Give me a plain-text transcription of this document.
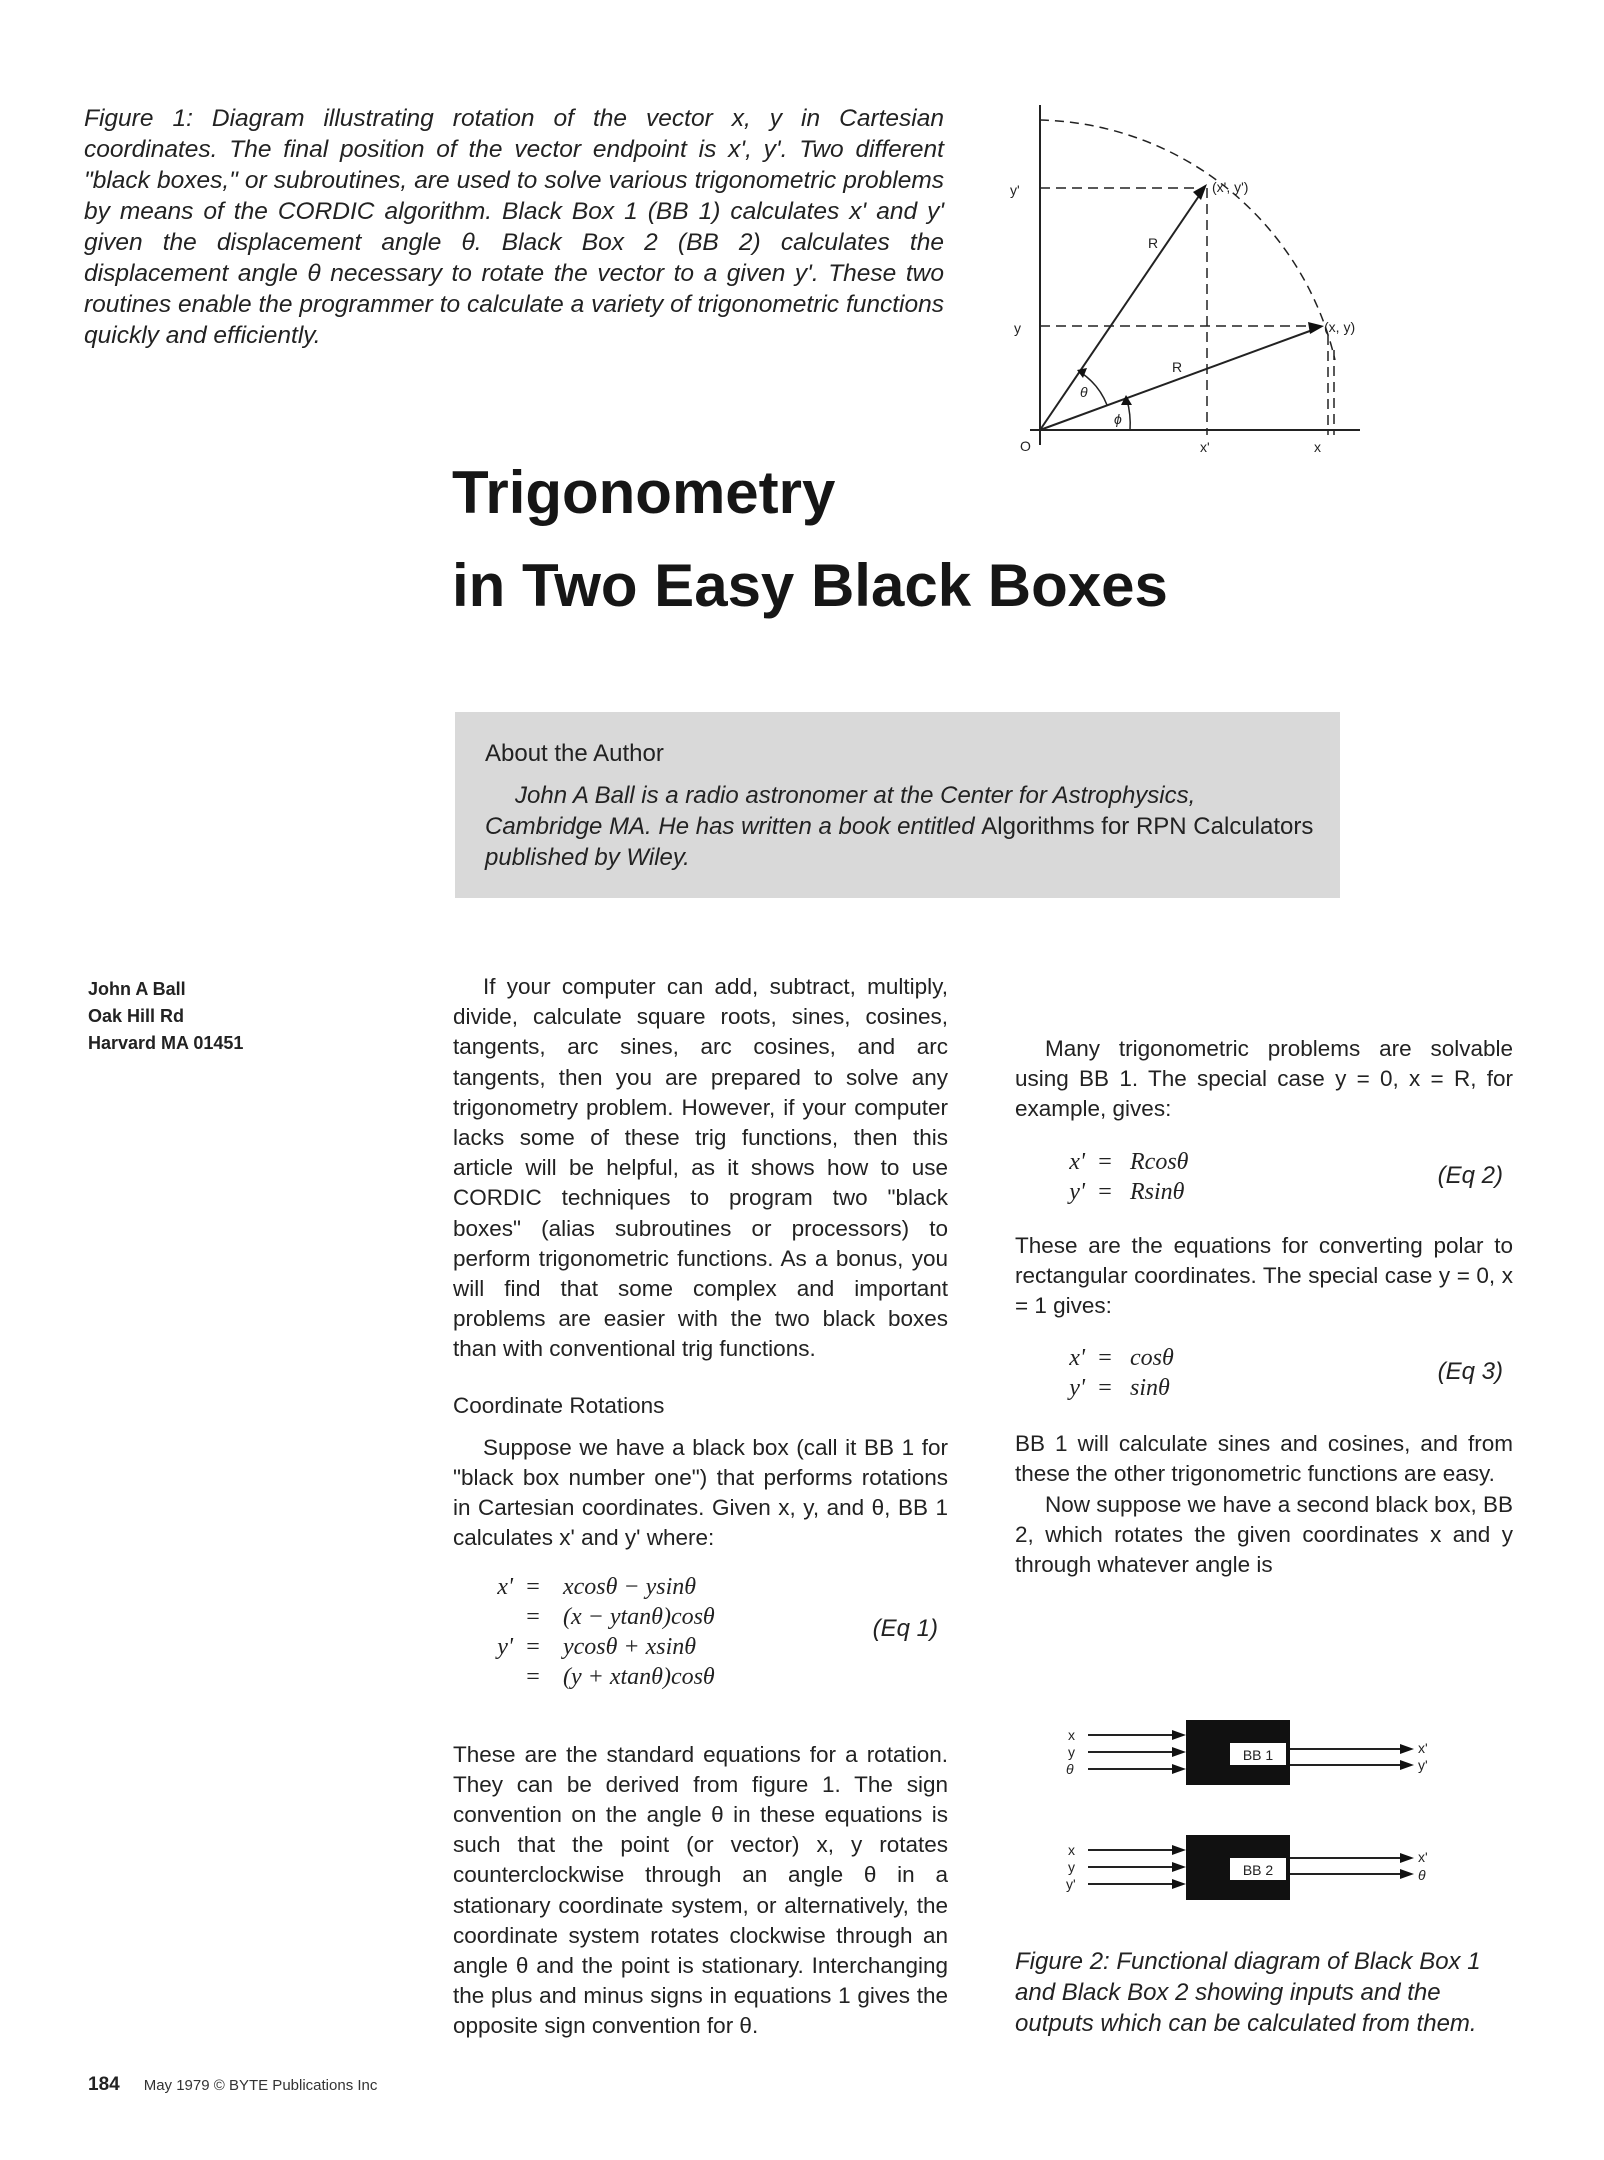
Figure 1: Diagram illustrating rotation of the vector x, y in Cartesian coordinates. The final position of the vector endpoint is x', y'. Two different "black boxes," or subroutines, are used to solve various trigonometric problems by means of the CORDIC algorithm. Black Box 1 (BB 1) calculates x' and y' given the displacement angle θ. Black Box 2 (BB 2) calculates the displacement angle θ necessary to rotate the vector to a given y'. These two routines enable the programmer to calculate a variety of trigonometric functions quickly and efficiently.
y'
y
O	x'	x
(x', y')
(x, y)
R
R
θ
ϕ
Trigonometry
in Two Easy Black Boxes
About the Author
John A Ball is a radio astronomer at the Center for Astrophysics, Cambridge MA. He has written a book entitled Algorithms for RPN Calculators published by Wiley.
John A Ball
Oak Hill Rd
Harvard MA 01451

If your computer can add, subtract, multiply, divide, calculate square roots, sines, cosines, tangents, arc sines, arc cosines, and arc tangents, then you are prepared to solve any trigonometry problem. However, if your computer lacks some of these trig functions, then this article will be helpful, as it shows how to use CORDIC techniques to program two "black boxes" (alias subroutines or processors) to perform trigonometric functions. As a bonus, you will find that some complex and important problems are easier with the two black boxes than with conventional trig functions.

Coordinate Rotations

Suppose we have a black box (call it BB 1 for "black box number one") that performs rotations in Cartesian coordinates. Given x, y, and θ, BB 1 calculates x' and y' where:

x' = xcosθ − ysinθ
= (x − ytanθ)cosθ
y' = ycosθ + xsinθ
= (y + xtanθ)cosθ
(Eq 1)

These are the standard equations for a rotation. They can be derived from figure 1. The sign convention on the angle θ in these equations is such that the point (or vector) x, y rotates counterclockwise through an angle θ in a stationary coordinate system, or alternatively, the coordinate system rotates clockwise through an angle θ and the point is stationary. Interchanging the plus and minus signs in equations 1 gives the opposite sign convention for θ.

Many trigonometric problems are solvable using BB 1. The special case y = 0, x = R, for example, gives:

x' = Rcosθ
y' = Rsinθ
(Eq 2)

These are the equations for converting polar to rectangular coordinates. The special case y = 0, x = 1 gives:

x' = cosθ
y' = sinθ
(Eq 3)

BB 1 will calculate sines and cosines, and from these the other trigonometric functions are easy.

Now suppose we have a second black box, BB 2, which rotates the given coordinates x and y through whatever angle is

BB 1
BB 2
x
y
θ
x'
y'
x
y
y'
x'
θ
Figure 2: Functional diagram of Black Box 1 and Black Box 2 showing inputs and the outputs which can be calculated from them.
184 May 1979 © BYTE Publications Inc
